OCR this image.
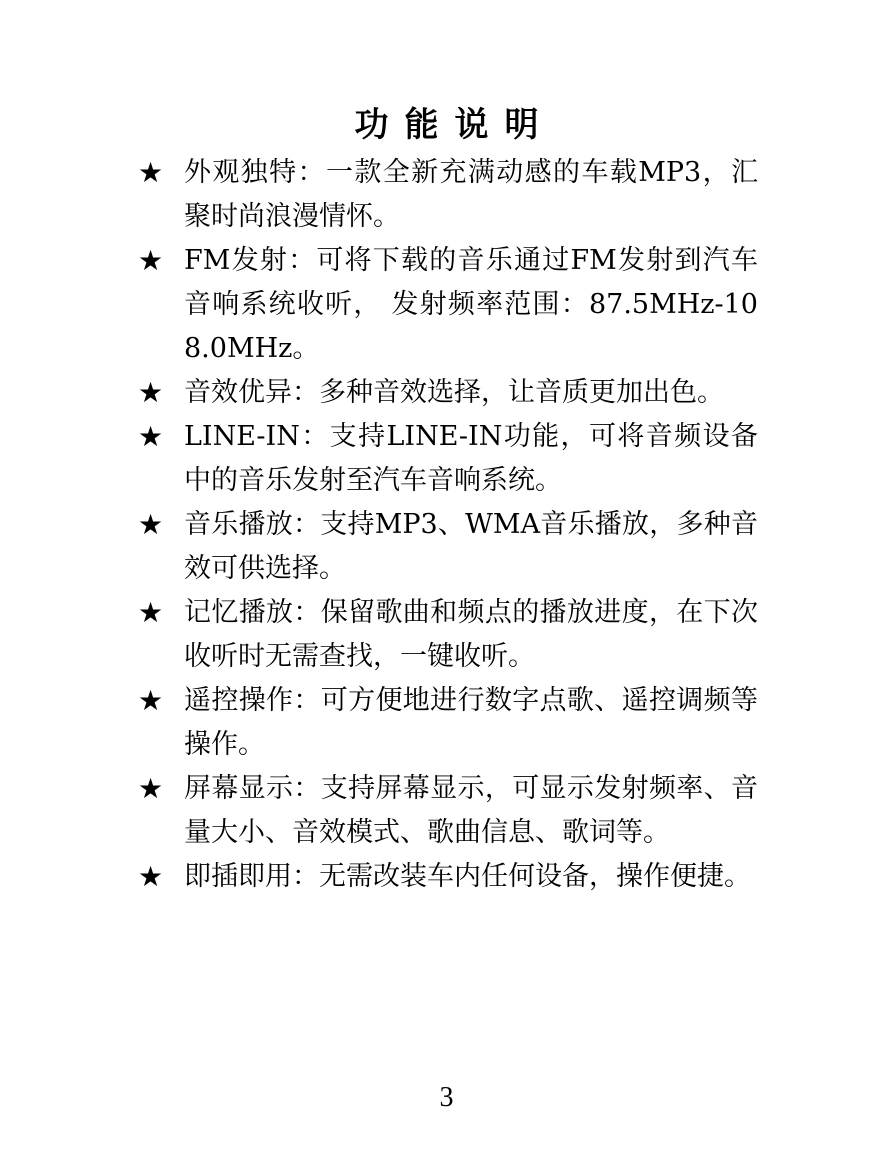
功能说明
★ 外观独特：一款全新充满动感的车载MP3，汇聚时尚浪漫情怀。
★ FM发射：可将下载的音乐通过FM发射到汽车音响系统收听， 发射频率范围：87.5MHz-108.0MHz。
★ 音效优异：多种音效选择，让音质更加出色。
★ LINE-IN：支持LINE-IN功能，可将音频设备中的音乐发射至汽车音响系统。
★ 音乐播放：支持MP3、WMA音乐播放，多种音效可供选择。
★ 记忆播放：保留歌曲和频点的播放进度，在下次收听时无需查找，一键收听。
★ 遥控操作：可方便地进行数字点歌、遥控调频等操作。
★ 屏幕显示：支持屏幕显示，可显示发射频率、音量大小、音效模式、歌曲信息、歌词等。
★ 即插即用：无需改装车内任何设备，操作便捷。
3
